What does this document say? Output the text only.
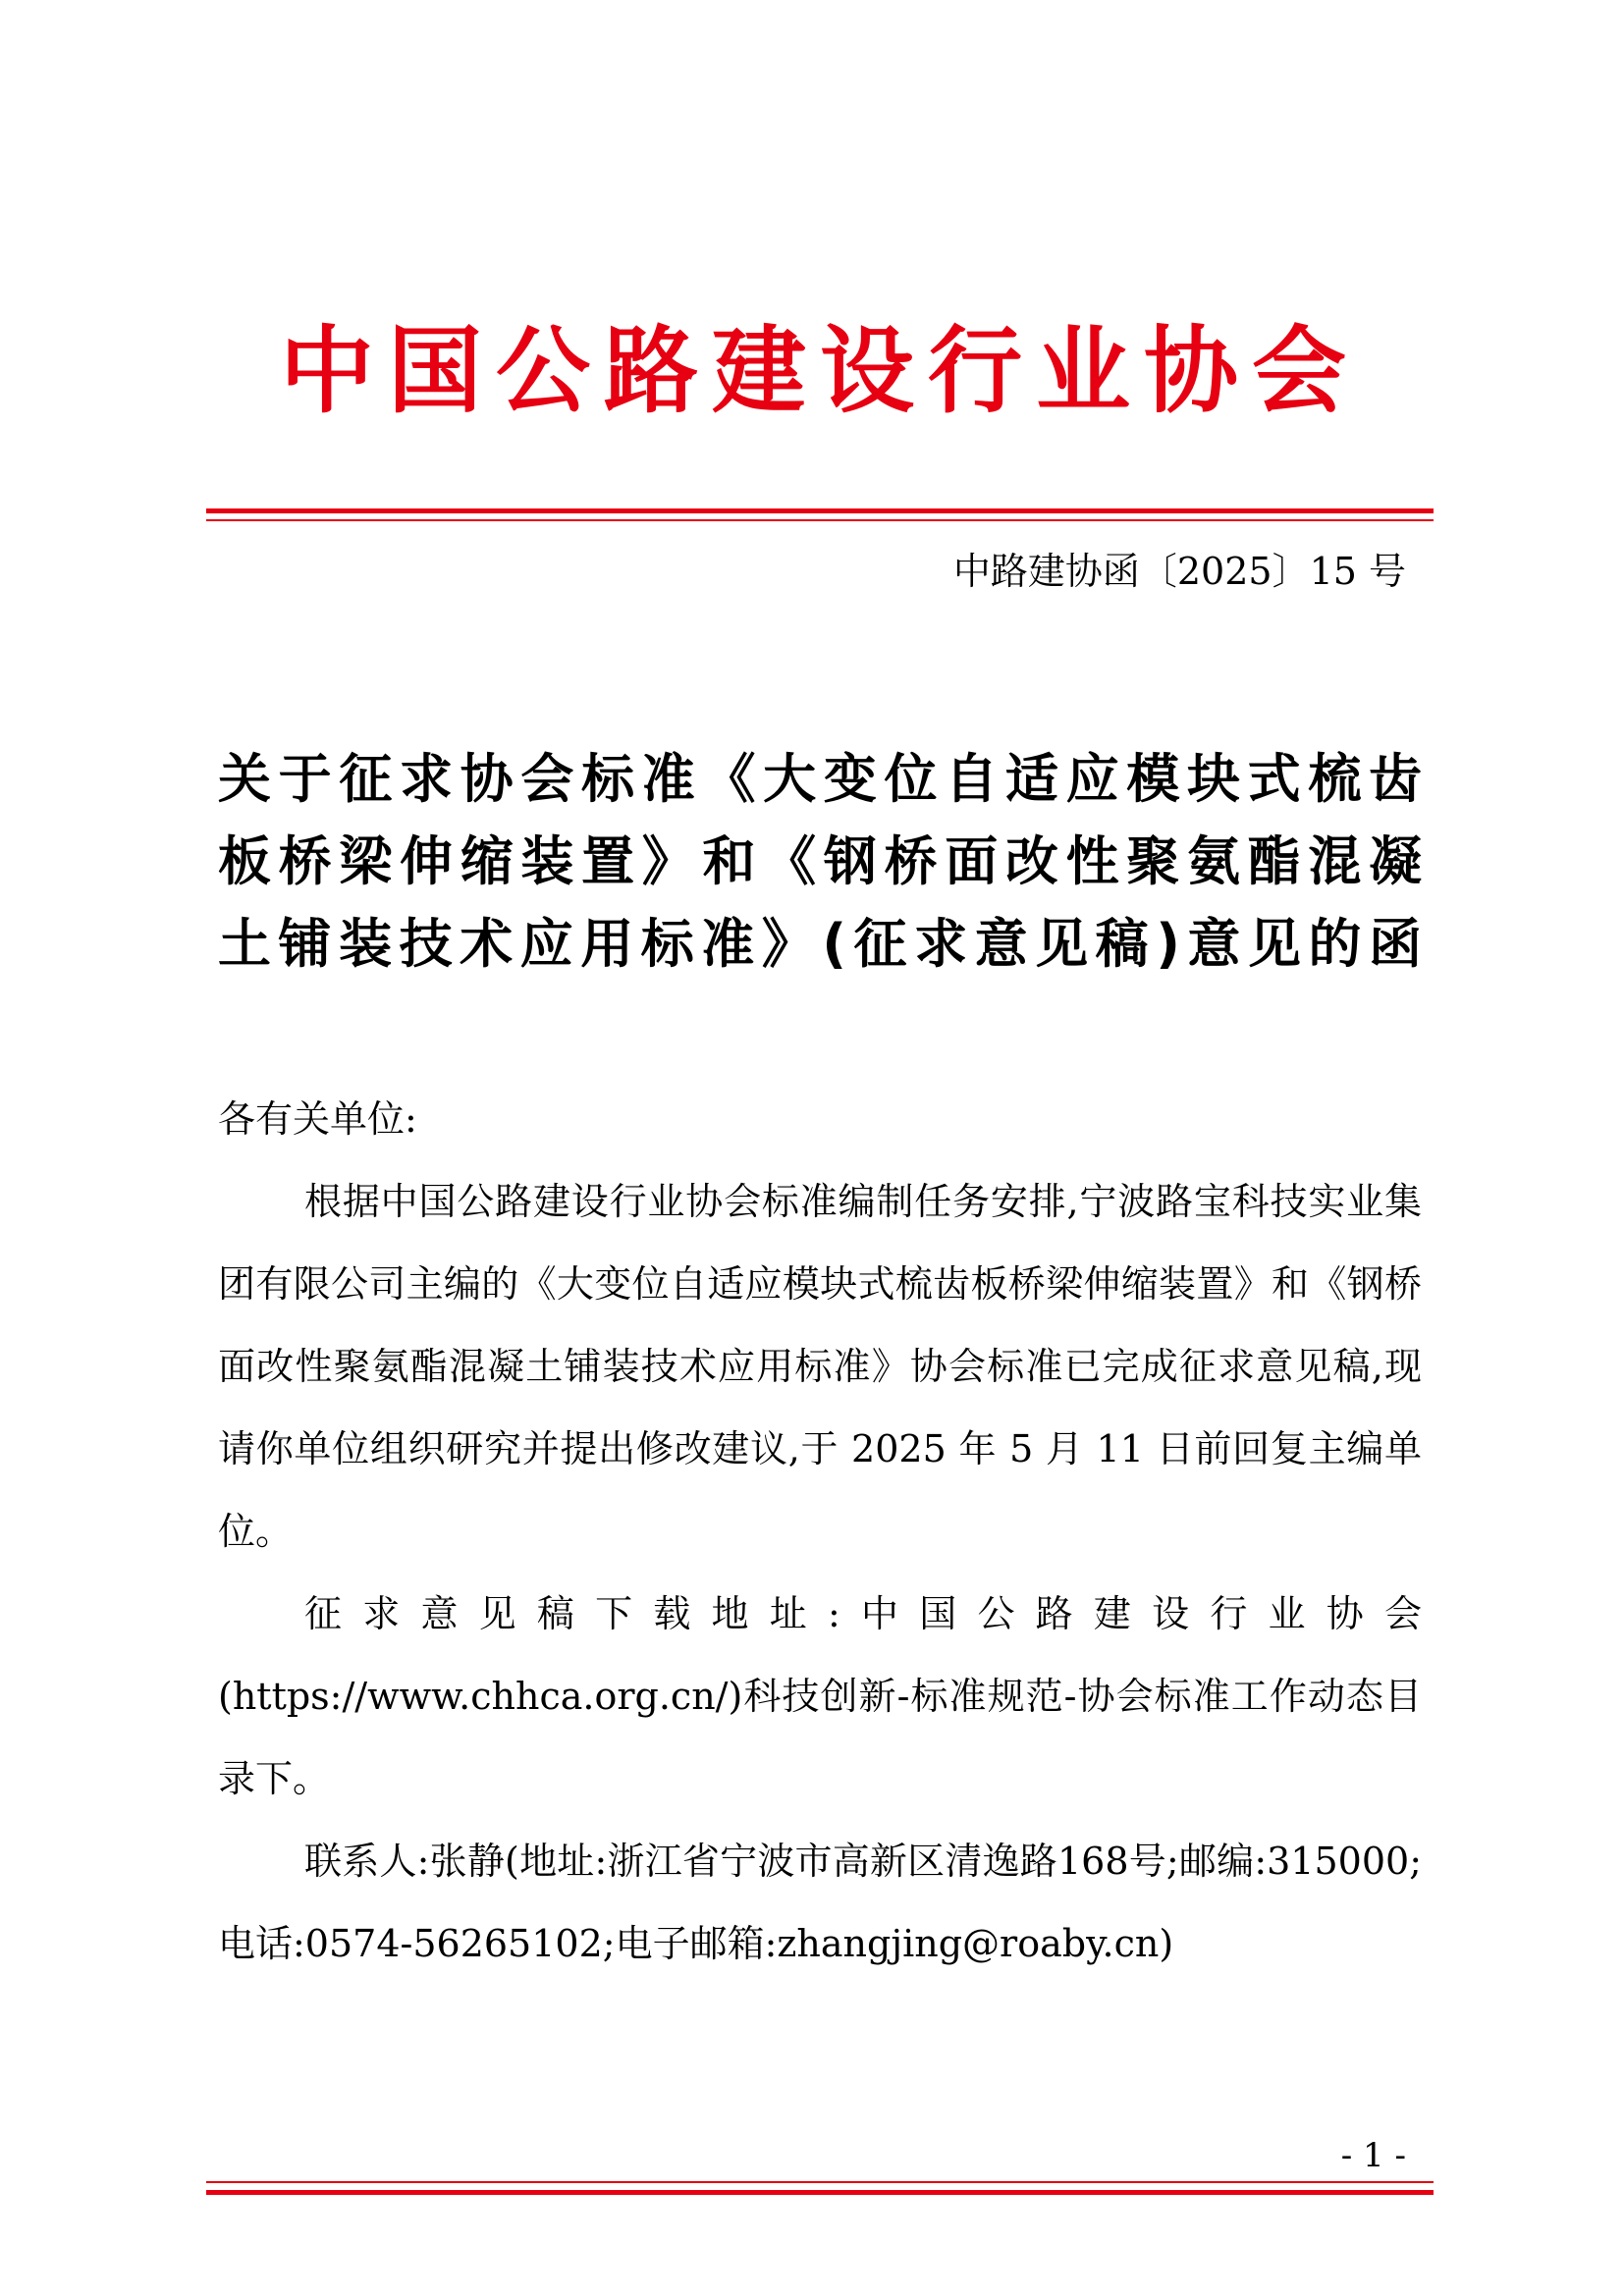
中国公路建设行业协会
中路建协函〔2025〕15 号
关于征求协会标准《大变位自适应模块式梳齿
板桥梁伸缩装置》和《钢桥面改性聚氨酯混凝
土铺装技术应用标准》(征求意见稿)意见的函

各有关单位:

根据中国公路建设行业协会标准编制任务安排,宁波路宝科技实业集团有限公司主编的《大变位自适应模块式梳齿板桥梁伸缩装置》和《钢桥面改性聚氨酯混凝土铺装技术应用标准》协会标准已完成征求意见稿,现请你单位组织研究并提出修改建议,于 2025 年 5 月 11 日前回复主编单位。

征求意见稿下载地址:中国公路建设行业协会(https://www.chhca.org.cn/)科技创新-标准规范-协会标准工作动态目录下。

联系人:张静(地址:浙江省宁波市高新区清逸路168号;邮编:315000;电话:0574-56265102;电子邮箱:zhangjing@roaby.cn)

- 1 -
